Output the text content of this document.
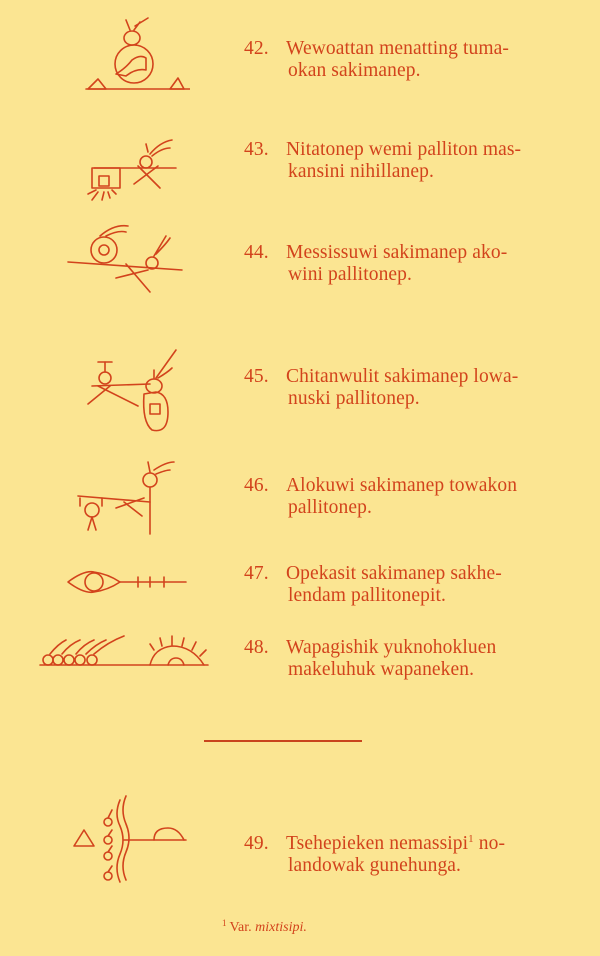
42. Wewoattan menatting tuma-
okan sakimanep.
43. Nitatonep wemi palliton mas-
kansini nihillanep.
44. Messissuwi sakimanep ako-
wini pallitonep.
45. Chitanwulit sakimanep lowa-
nuski pallitonep.
46. Alokuwi sakimanep towakon
pallitonep.
47. Opekasit sakimanep sakhe-
lendam pallitonepit.
48. Wapagishik yuknohokluen
makeluhuk wapaneken.
49. Tsehepieken nemassipi$^1$ no-
landowak gunehunga.
$^1$ Var. mixtisipi.
